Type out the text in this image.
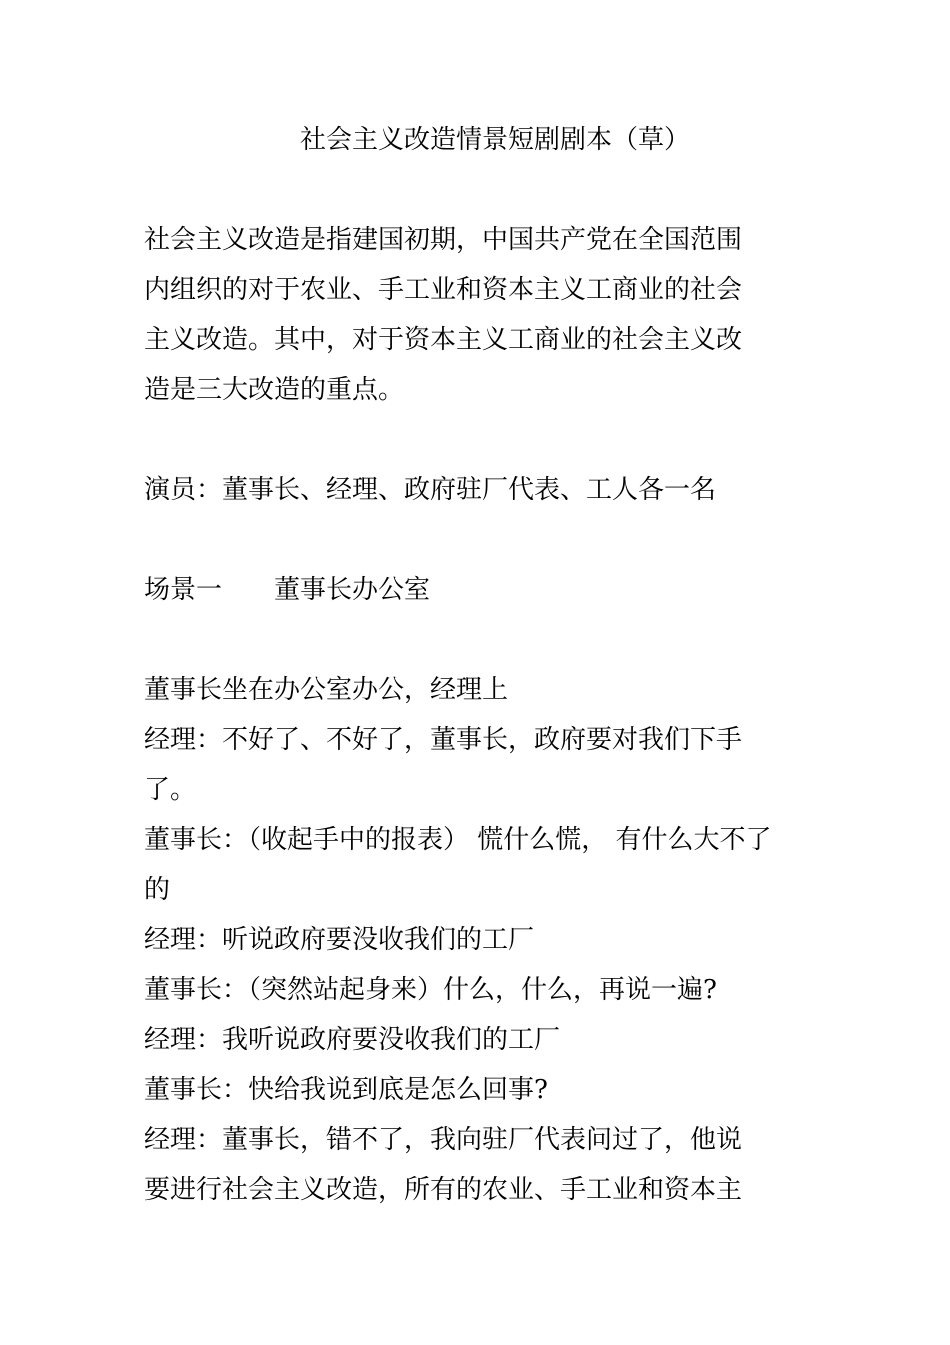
社会主义改造情景短剧剧本（草）
社会主义改造是指建国初期，中国共产党在全国范围
内组织的对于农业、手工业和资本主义工商业的社会
主义改造。其中，对于资本主义工商业的社会主义改
造是三大改造的重点。
演员：董事长、经理、政府驻厂代表、工人各一名
场景一 董事长办公室
董事长坐在办公室办公，经理上
经理：不好了、不好了，董事长，政府要对我们下手
了。
董事长：（收起手中的报表） 慌什么慌， 有什么大不了
的
经理：听说政府要没收我们的工厂
董事长：（突然站起身来）什么，什么，再说一遍?
经理：我听说政府要没收我们的工厂
董事长：快给我说到底是怎么回事?
经理：董事长，错不了，我向驻厂代表问过了，他说
要进行社会主义改造，所有的农业、手工业和资本主
